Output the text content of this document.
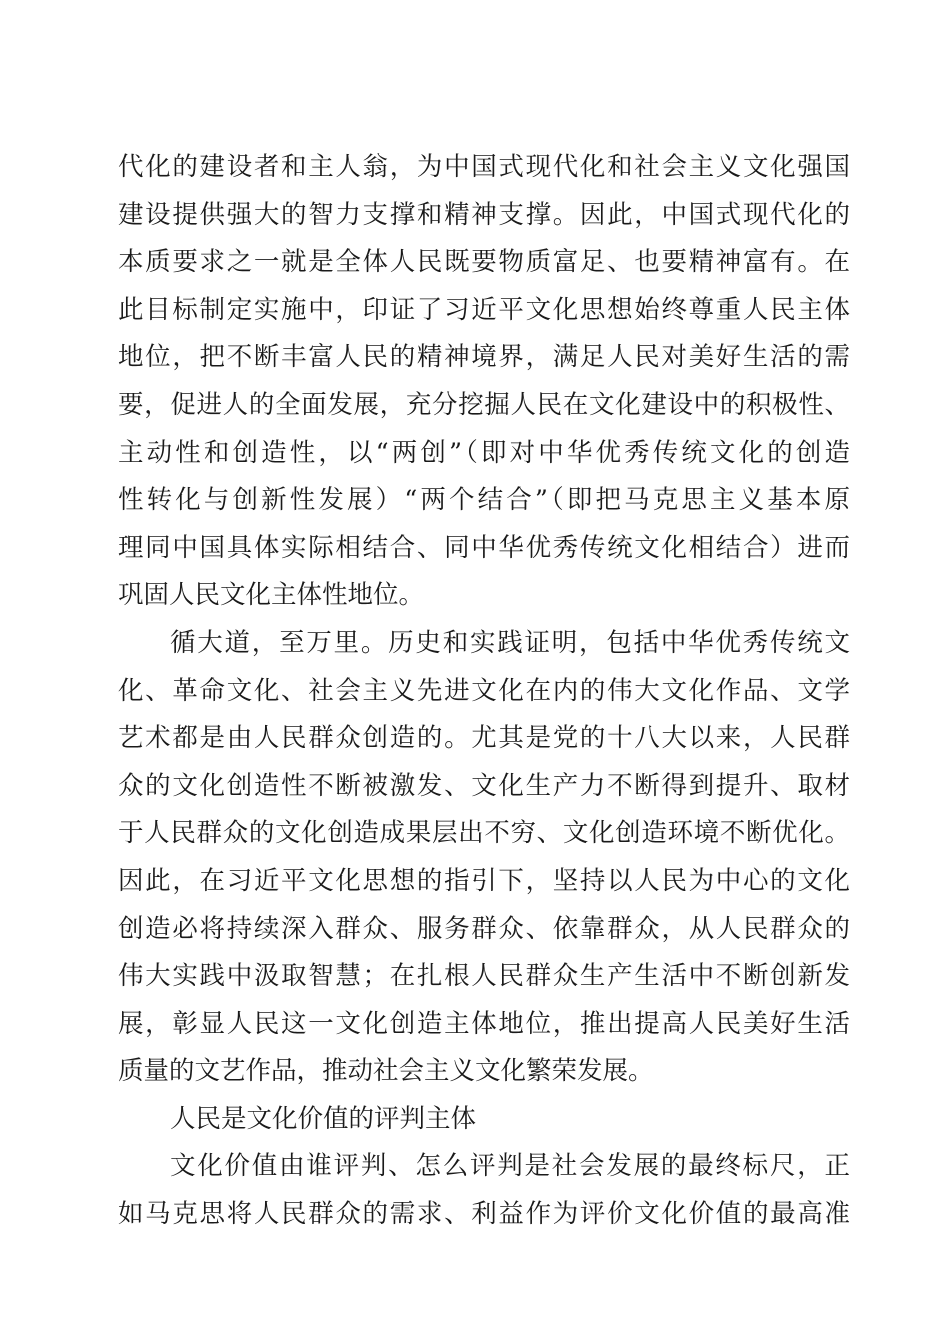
代化的建设者和主人翁，为中国式现代化和社会主义文化强国
建设提供强大的智力支撑和精神支撑。因此，中国式现代化的
本质要求之一就是全体人民既要物质富足、也要精神富有。在
此目标制定实施中，印证了习近平文化思想始终尊重人民主体
地位，把不断丰富人民的精神境界，满足人民对美好生活的需
要，促进人的全面发展，充分挖掘人民在文化建设中的积极性、
主动性和创造性，以“两创”（即对中华优秀传统文化的创造
性转化与创新性发展）“两个结合”（即把马克思主义基本原
理同中国具体实际相结合、同中华优秀传统文化相结合）进而
巩固人民文化主体性地位。
循大道，至万里。历史和实践证明，包括中华优秀传统文
化、革命文化、社会主义先进文化在内的伟大文化作品、文学
艺术都是由人民群众创造的。尤其是党的十八大以来，人民群
众的文化创造性不断被激发、文化生产力不断得到提升、取材
于人民群众的文化创造成果层出不穷、文化创造环境不断优化。
因此，在习近平文化思想的指引下，坚持以人民为中心的文化
创造必将持续深入群众、服务群众、依靠群众，从人民群众的
伟大实践中汲取智慧；在扎根人民群众生产生活中不断创新发
展，彰显人民这一文化创造主体地位，推出提高人民美好生活
质量的文艺作品，推动社会主义文化繁荣发展。
人民是文化价值的评判主体
文化价值由谁评判、怎么评判是社会发展的最终标尺，正
如马克思将人民群众的需求、利益作为评价文化价值的最高准
